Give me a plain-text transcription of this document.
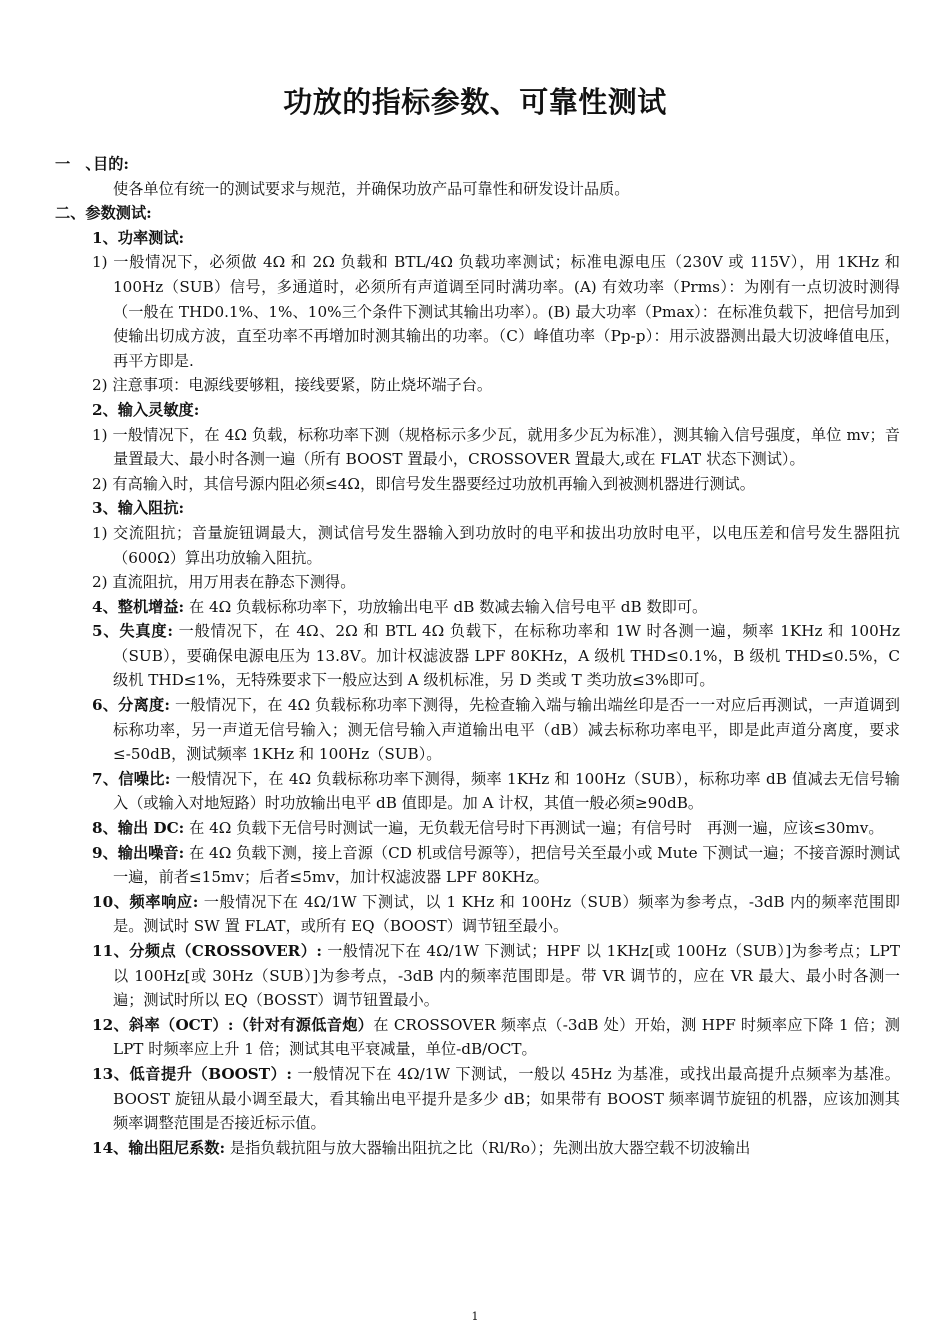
功放的指标参数、可靠性测试

一　、目的:

使各单位有统一的测试要求与规范，并确保功放产品可靠性和研发设计品质。

二、参数测试:

1、功率测试:

1) 一般情况下，必须做 4Ω 和 2Ω 负载和 BTL/4Ω 负载功率测试；标准电源电压（230V 或 115V），用 1KHz 和 100Hz（SUB）信号，多通道时，必须所有声道调至同时满功率。(A) 有效功率（Prms）：为刚有一点切波时测得（一般在 THD0.1%、1%、10%三个条件下测试其输出功率）。(B) 最大功率（Pmax）：在标准负载下，把信号加到使输出切成方波，直至功率不再增加时测其输出的功率。（C）峰值功率（Pp-p）：用示波器测出最大切波峰值电压，再平方即是.

2) 注意事项：电源线要够粗，接线要紧，防止烧坏端子台。

2、输入灵敏度:

1) 一般情况下，在 4Ω 负载，标称功率下测（规格标示多少瓦，就用多少瓦为标准），测其输入信号强度，单位 mv；音量置最大、最小时各测一遍（所有 BOOST 置最小，CROSSOVER 置最大,或在 FLAT 状态下测试）。

2) 有高输入时，其信号源内阻必须≤4Ω，即信号发生器要经过功放机再输入到被测机器进行测试。

3、输入阻抗:

1) 交流阻抗；音量旋钮调最大，测试信号发生器输入到功放时的电平和拔出功放时电平，以电压差和信号发生器阻抗（600Ω）算出功放输入阻抗。

2) 直流阻抗，用万用表在静态下测得。

4、整机增益: 在 4Ω 负载标称功率下，功放输出电平 dB 数减去输入信号电平 dB 数即可。

5、失真度: 一般情况下，在 4Ω、2Ω 和 BTL 4Ω 负载下，在标称功率和 1W 时各测一遍，频率 1KHz 和 100Hz（SUB），要确保电源电压为 13.8V。加计权滤波器 LPF 80KHz，A 级机 THD≤0.1%，B 级机 THD≤0.5%，C 级机 THD≤1%，无特殊要求下一般应达到 A 级机标准，另 D 类或 T 类功放≤3%即可。

6、分离度: 一般情况下，在 4Ω 负载标称功率下测得，先检查输入端与输出端丝印是否一一对应后再测试，一声道调到标称功率，另一声道无信号输入；测无信号输入声道输出电平（dB）减去标称功率电平，即是此声道分离度，要求≤-50dB，测试频率 1KHz 和 100Hz（SUB）。

7、信噪比: 一般情况下，在 4Ω 负载标称功率下测得，频率 1KHz 和 100Hz（SUB），标称功率 dB 值减去无信号输入（或输入对地短路）时功放输出电平 dB 值即是。加 A 计权，其值一般必须≥90dB。

8、输出 DC: 在 4Ω 负载下无信号时测试一遍，无负载无信号时下再测试一遍；有信号时　再测一遍，应该≤30mv。

9、输出噪音: 在 4Ω 负载下测，接上音源（CD 机或信号源等），把信号关至最小或 Mute 下测试一遍；不接音源时测试一遍，前者≤15mv；后者≤5mv，加计权滤波器 LPF 80KHz。

10、频率响应: 一般情况下在 4Ω/1W 下测试，以 1 KHz 和 100Hz（SUB）频率为参考点，-3dB 内的频率范围即是。测试时 SW 置 FLAT，或所有 EQ（BOOST）调节钮至最小。

11、分频点（CROSSOVER）: 一般情况下在 4Ω/1W 下测试；HPF 以 1KHz[或 100Hz（SUB）]为参考点；LPT 以 100Hz[或 30Hz（SUB）]为参考点，-3dB 内的频率范围即是。带 VR 调节的，应在 VR 最大、最小时各测一遍；测试时所以 EQ（BOSST）调节钮置最小。

12、斜率（OCT）:（针对有源低音炮）在 CROSSOVER 频率点（-3dB 处）开始，测 HPF 时频率应下降 1 倍；测 LPT 时频率应上升 1 倍；测试其电平衰减量，单位-dB/OCT。

13、低音提升（BOOST）: 一般情况下在 4Ω/1W 下测试，一般以 45Hz 为基准，或找出最高提升点频率为基准。BOOST 旋钮从最小调至最大，看其输出电平提升是多少 dB；如果带有 BOOST 频率调节旋钮的机器，应该加测其频率调整范围是否接近标示值。

14、输出阻尼系数: 是指负载抗阻与放大器输出阻抗之比（Rl/Ro）；先测出放大器空载不切波输出

1
